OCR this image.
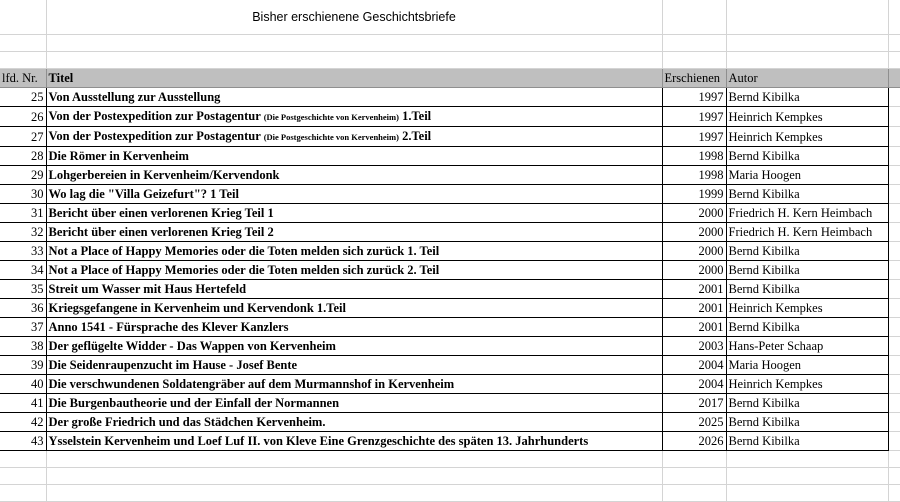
	Bisher erschienene Geschichtsbriefe			

lfd. Nr.	Titel	Erschienen	Autor	
25	Von Ausstellung zur Ausstellung	1997	Bernd Kibilka	
26	Von der Postexpedition zur Postagentur (Die Postgeschichte von Kervenheim) 1.Teil	1997	Heinrich Kempkes	
27	Von der Postexpedition zur Postagentur (Die Postgeschichte von Kervenheim) 2.Teil	1997	Heinrich Kempkes	
28	Die Römer in Kervenheim	1998	Bernd Kibilka	
29	Lohgerbereien in Kervenheim/Kervendonk	1998	Maria Hoogen	
30	Wo lag die "Villa Geizefurt"? 1 Teil	1999	Bernd Kibilka	
31	Bericht über einen verlorenen Krieg Teil 1	2000	Friedrich H. Kern Heimbach	
32	Bericht über einen verlorenen Krieg Teil 2	2000	Friedrich H. Kern Heimbach	
33	Not a Place of Happy Memories oder die Toten melden sich zurück 1. Teil	2000	Bernd Kibilka	
34	Not a Place of Happy Memories oder die Toten melden sich zurück 2. Teil	2000	Bernd Kibilka	
35	Streit um Wasser mit Haus Hertefeld	2001	Bernd Kibilka	
36	Kriegsgefangene in Kervenheim und Kervendonk 1.Teil	2001	Heinrich Kempkes	
37	Anno 1541 - Fürsprache des Klever Kanzlers	2001	Bernd Kibilka	
38	Der geflügelte Widder - Das Wappen von Kervenheim	2003	Hans-Peter Schaap	
39	Die Seidenraupenzucht im Hause - Josef Bente	2004	Maria Hoogen	
40	Die verschwundenen Soldatengräber auf dem Murmannshof in Kervenheim	2004	Heinrich Kempkes	
41	Die Burgenbautheorie und der Einfall der Normannen	2017	Bernd Kibilka	
42	Der große Friedrich und das Städchen Kervenheim.	2025	Bernd Kibilka	
43	Ysselstein Kervenheim und Loef Luf II. von Kleve Eine Grenzgeschichte des späten 13. Jahrhunderts	2026	Bernd Kibilka	
